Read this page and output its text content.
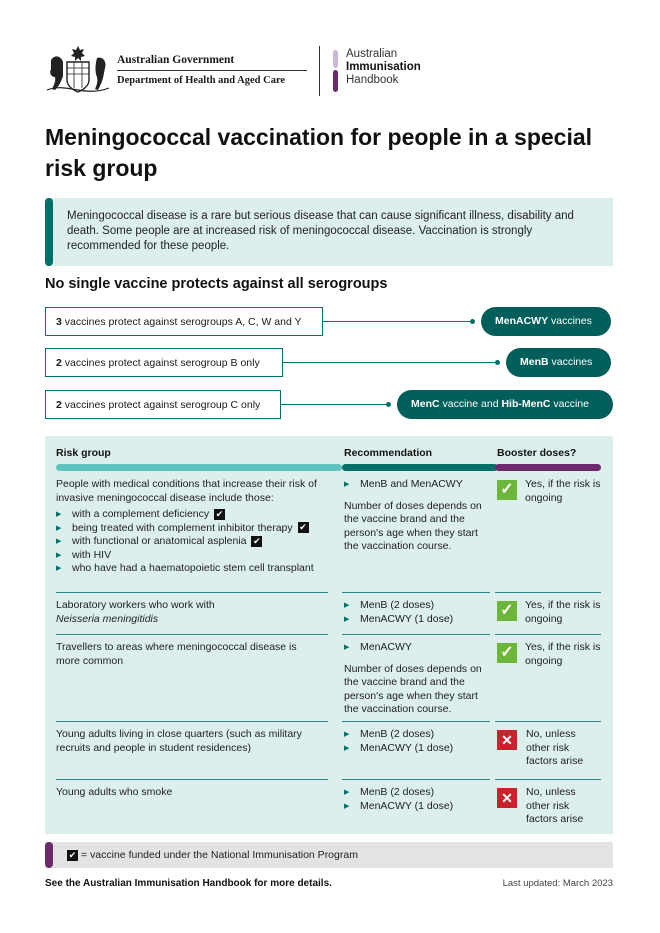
Australian Government
Department of Health and Aged Care
Australian
Immunisation
Handbook
Meningococcal vaccination for people in a special risk group

Meningococcal disease is a rare but serious disease that can cause significant illness, disability and death. Some people are at increased risk of meningococcal disease. Vaccination is strongly recommended for these people.

No single vaccine protects against all serogroups
3 vaccines protect against serogroups A, C, W and Y	MenACWY vaccines
2 vaccines protect against serogroup B only	MenB vaccines
2 vaccines protect against serogroup C only	MenC vaccine and Hib-MenC vaccine
Risk group	Recommendation	Booster doses?
People with medical conditions that increase their risk of invasive meningococcal disease include those:
▶ with a complement deficiency ✔
▶ being treated with complement inhibitor therapy ✔
▶ with functional or anatomical asplenia ✔
▶ with HIV
▶ who have had a haematopoietic stem cell transplant
▶ MenB and MenACWY
Number of doses depends on the vaccine brand and the person's age when they start the vaccination course.
✓	Yes, if the risk is ongoing
Laboratory workers who work with
Neisseria meningitidis
▶ MenB (2 doses)
▶ MenACWY (1 dose)	✓	Yes, if the risk is ongoing
Travellers to areas where meningococcal disease is more common
▶ MenACWY
Number of doses depends on the vaccine brand and the person's age when they start the vaccination course.
✓	Yes, if the risk is ongoing
Young adults living in close quarters (such as military recruits and people in student residences)
▶ MenB (2 doses)
▶ MenACWY (1 dose)	✕	No, unless other risk factors arise
Young adults who smoke
▶	MenB (2 doses)
▶ MenACWY (1 dose)	✕	No, unless other risk factors arise
✔ = vaccine funded under the National Immunisation Program
See the Australian Immunisation Handbook for more details.	Last updated: March 2023
